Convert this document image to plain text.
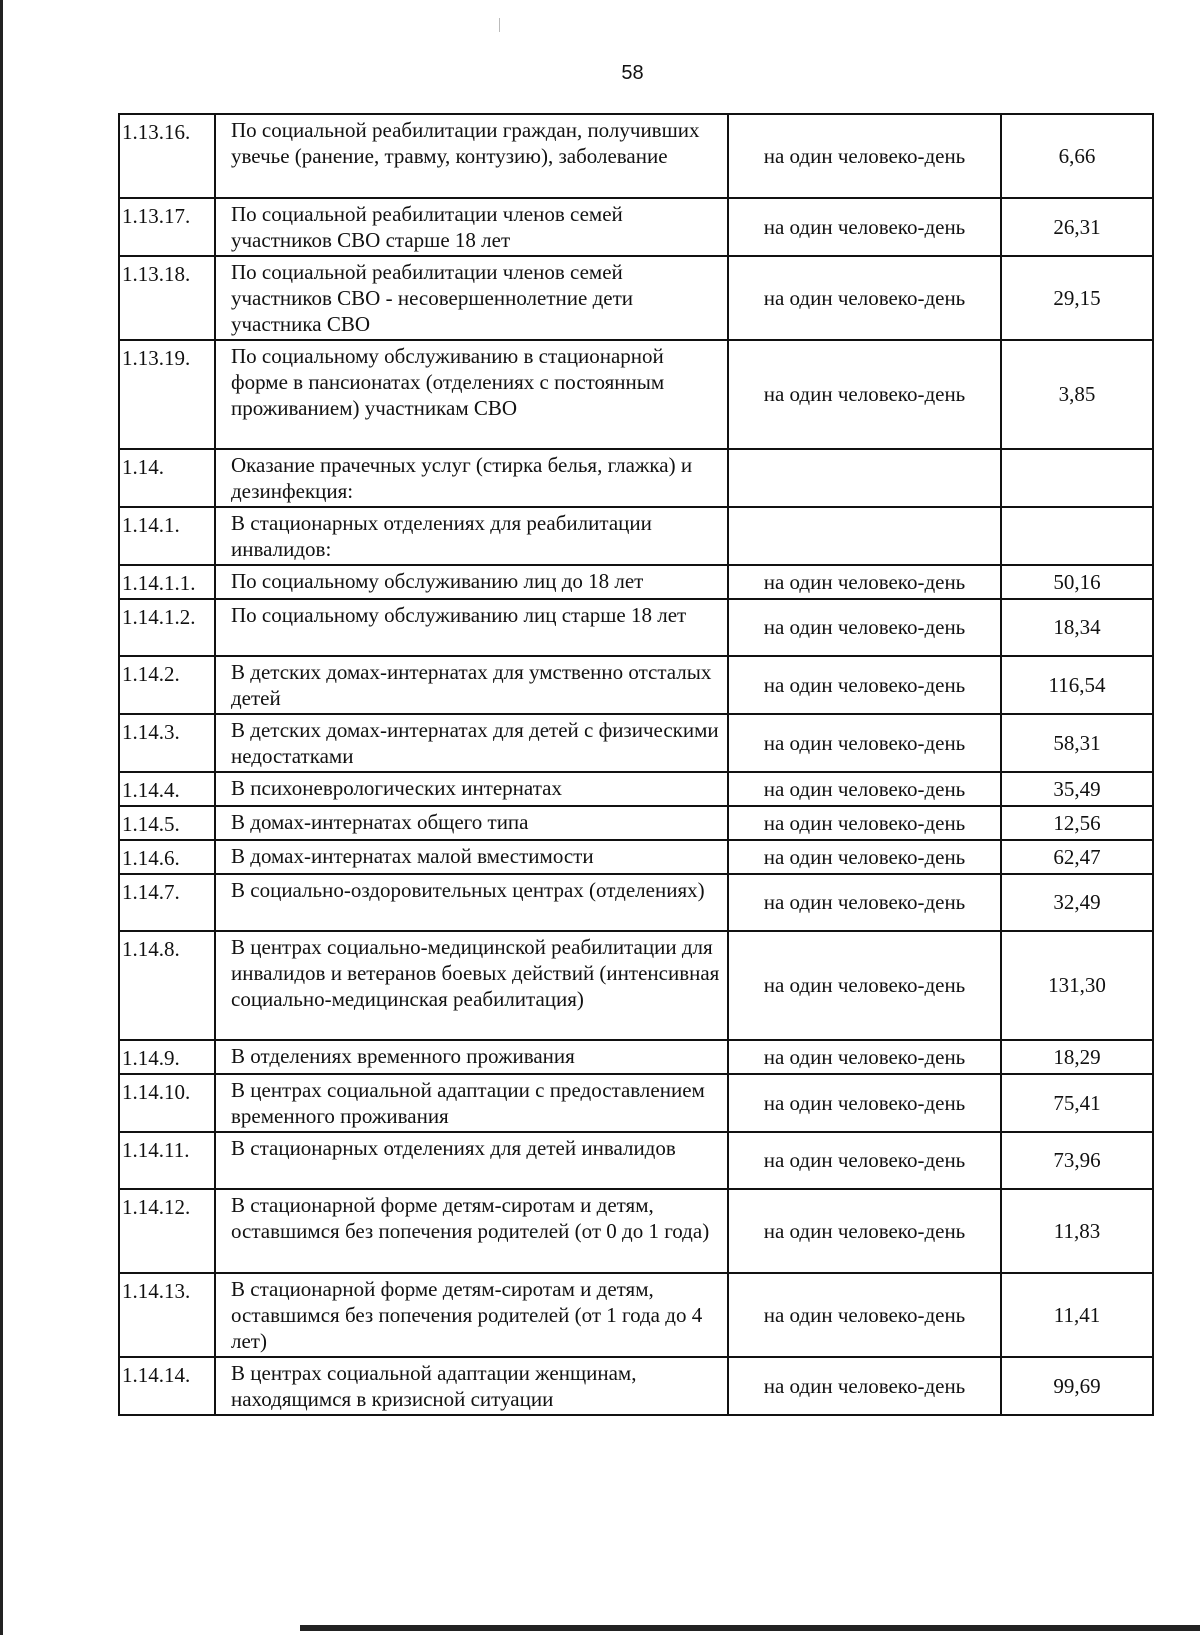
58
1.13.16.	По социальной реабилитации граждан, получивших увечье (ранение, травму, контузию), заболевание	на один человеко-день	6,66
1.13.17.	По социальной реабилитации членов семей участников СВО старше 18 лет	на один человеко-день	26,31
1.13.18.	По социальной реабилитации членов семей участников СВО - несовершеннолетние дети участника СВО	на один человеко-день	29,15
1.13.19.	По социальному обслуживанию в стационарной форме в пансионатах (отделениях с постоянным проживанием) участникам СВО	на один человеко-день	3,85
1.14.	Оказание прачечных услуг (стирка белья, глажка) и дезинфекция:		
1.14.1.	В стационарных отделениях для реабилитации инвалидов:		
1.14.1.1.	По социальному обслуживанию лиц до 18 лет	на один человеко-день	50,16
1.14.1.2.	По социальному обслуживанию лиц старше 18 лет	на один человеко-день	18,34
1.14.2.	В детских домах-интернатах для умственно отсталых детей	на один человеко-день	116,54
1.14.3.	В детских домах-интернатах для детей с физическими недостатками	на один человеко-день	58,31
1.14.4.	В психоневрологических интернатах	на один человеко-день	35,49
1.14.5.	В домах-интернатах общего типа	на один человеко-день	12,56
1.14.6.	В домах-интернатах малой вместимости	на один человеко-день	62,47
1.14.7.	В социально-оздоровительных центрах (отделениях)	на один человеко-день	32,49
1.14.8.	В центрах социально-медицинской реабилитации для инвалидов и ветеранов боевых действий (интенсивная социально-медицинская реабилитация)	на один человеко-день	131,30
1.14.9.	В отделениях временного проживания	на один человеко-день	18,29
1.14.10.	В центрах социальной адаптации с предоставлением временного проживания	на один человеко-день	75,41
1.14.11.	В стационарных отделениях для детей инвалидов	на один человеко-день	73,96
1.14.12.	В стационарной форме детям-сиротам и детям, оставшимся без попечения родителей (от 0 до 1 года)	на один человеко-день	11,83
1.14.13.	В стационарной форме детям-сиротам и детям, оставшимся без попечения родителей (от 1 года до 4 лет)	на один человеко-день	11,41
1.14.14.	В центрах социальной адаптации женщинам, находящимся в кризисной ситуации	на один человеко-день	99,69
